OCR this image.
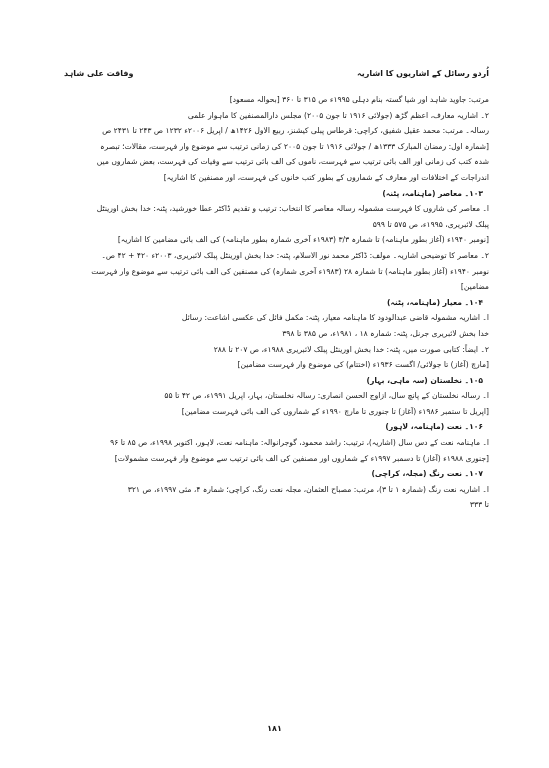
اُردو رسائل کے اشاریوں کا اشاریہ
وفاقت علی شاہد

مرتب: جاوید شاہد اور شیا گستہ بنام دہلی ۱۹۹۵ء ص ۳۱۵ تا ۳۶۰ [بحوالہ مسعود]

۲۔ اشاریہ معارف، اعظم گڑھ (جولائی ۱۹۱۶ تا جون ۲۰۰۵) مجلس دارالمصنفین کا ماہوار علمی

رسالہ۔ مرتب: محمد عقیل شفیق، کراچی: قرطاس پبلی کیشنز، ربیع الاول ۱۴۲۶ھ / اپریل ۲۰۰۶ء ۱۲۳۲ ص ۲۴۳ تا ۲۴۳۱ ص

[شمارہ اول: رمضان المبارک ۱۳۳۳ھ / جولائی ۱۹۱۶ تا جون ۲۰۰۵ کی زمانی ترتیب سے موضوع وار فہرست، مقالات؛ تبصرہ

شدہ کتب کی زمانی اور الف بائی ترتیب سے فہرست، ناموں کی الف بائی ترتیب سے وفیات کی فہرست، بعض شماروں میں

اندراجات کے اختلافات اور معارف کے شماروں کے بطور کتب خانوں کی فہرست، اور مصنفین کا اشاریہ]

۱۰۳۔ معاصر (ماہنامہ، پٹنہ)

ا۔ معاصر کی شاروں کا فہرست مشمولہ رسالہ معاصر کا انتخاب: ترتیب و تقدیم ڈاکٹر عطا خورشید، پٹنہ: خدا بخش اورینٹل

پبلک لائبریری، ۱۹۹۵ء، ص ۵۷۵ تا ۵۹۹

[نومبر ۱۹۴۰ء (آغاز بطور ماہنامہ) تا شمارہ ۳/۳ (۱۹۸۳ء آخری شمارہ بطور ماہنامہ) کی الف بائی مضامین کا اشاریہ]

۲۔ معاصر کا توضیحی اشاریہ۔ مولف: ڈاکٹر محمد نور الاسلام، پٹنہ: خدا بخش اورینٹل پبلک لائبریری، ۲۰۰۳ء ۴۲۰ + ۴۲ ص۔

نومبر ۱۹۴۰ء (آغاز بطور ماہنامہ) تا شمارہ ۲۸ (۱۹۸۳ء آخری شمارہ) کی مصنفین کی الف بائی ترتیب سے موضوع وار فہرست

مضامین]

۱۰۴۔ معیار (ماہنامہ، پٹنہ)

ا۔ اشاریہ مشمولہ قاضی عبدالودود کا ماہنامہ معیار، پٹنہ: مکمل فائل کی عکسی اشاعت: رسائل

خدا بخش لائبریری جرنل، پٹنہ: شمارہ ۱۸ ، ۱۹۸۱ء، ص ۳۸۵ تا ۳۹۸

۲۔ ایضاً: کتابی صورت میں، پٹنہ: خدا بخش اورینٹل پبلک لائبریری ۱۹۸۸ء، ص ۲۰۷ تا ۲۸۸

[مارچ (آغاز) تا جولائی/ اگست ۱۹۳۶ء (اختتام) کی موضوع وار فہرست مضامین]

۱۰۵۔ نخلستان (سہ ماہی، بہار)

ا۔ رسالہ نخلستان کے پانچ سال، ازاوج الحسن انصاری: رسالہ نخلستان، بہار، اپریل ۱۹۹۱ء، ص ۴۲ تا ۵۵

[اپریل تا ستمبر ۱۹۸۶ء (آغاز) تا جنوری تا مارچ ۱۹۹۰ء کے شماروں کی الف بائی فہرست مضامین]

۱۰۶۔ نعت (ماہنامہ، لاہور)

ا۔ ماہنامہ نعت کے دس سال (اشاریہ)، ترتیب: راشد محمود، گوجرانوالہ: ماہنامہ نعت، لاہور، اکتوبر ۱۹۹۸ء، ص ۸۵ تا ۹۶

[جنوری ۱۹۸۸ء (آغاز) تا دسمبر ۱۹۹۷ء کے شماروں اور مصنفین کی الف بائی ترتیب سے موضوع وار فہرست مشمولات]

۱۰۷۔ نعت رنگ (مجلہ، کراچی)

ا۔ اشاریہ نعت رنگ (شمارہ ۱ تا ۳)، مرتب: مصباح العثمان، مجلہ نعت رنگ، کراچی؛ شمارہ ۴، مئی ۱۹۹۷ء، ص ۳۲۱

تا ۳۳۳

۱۸۱
